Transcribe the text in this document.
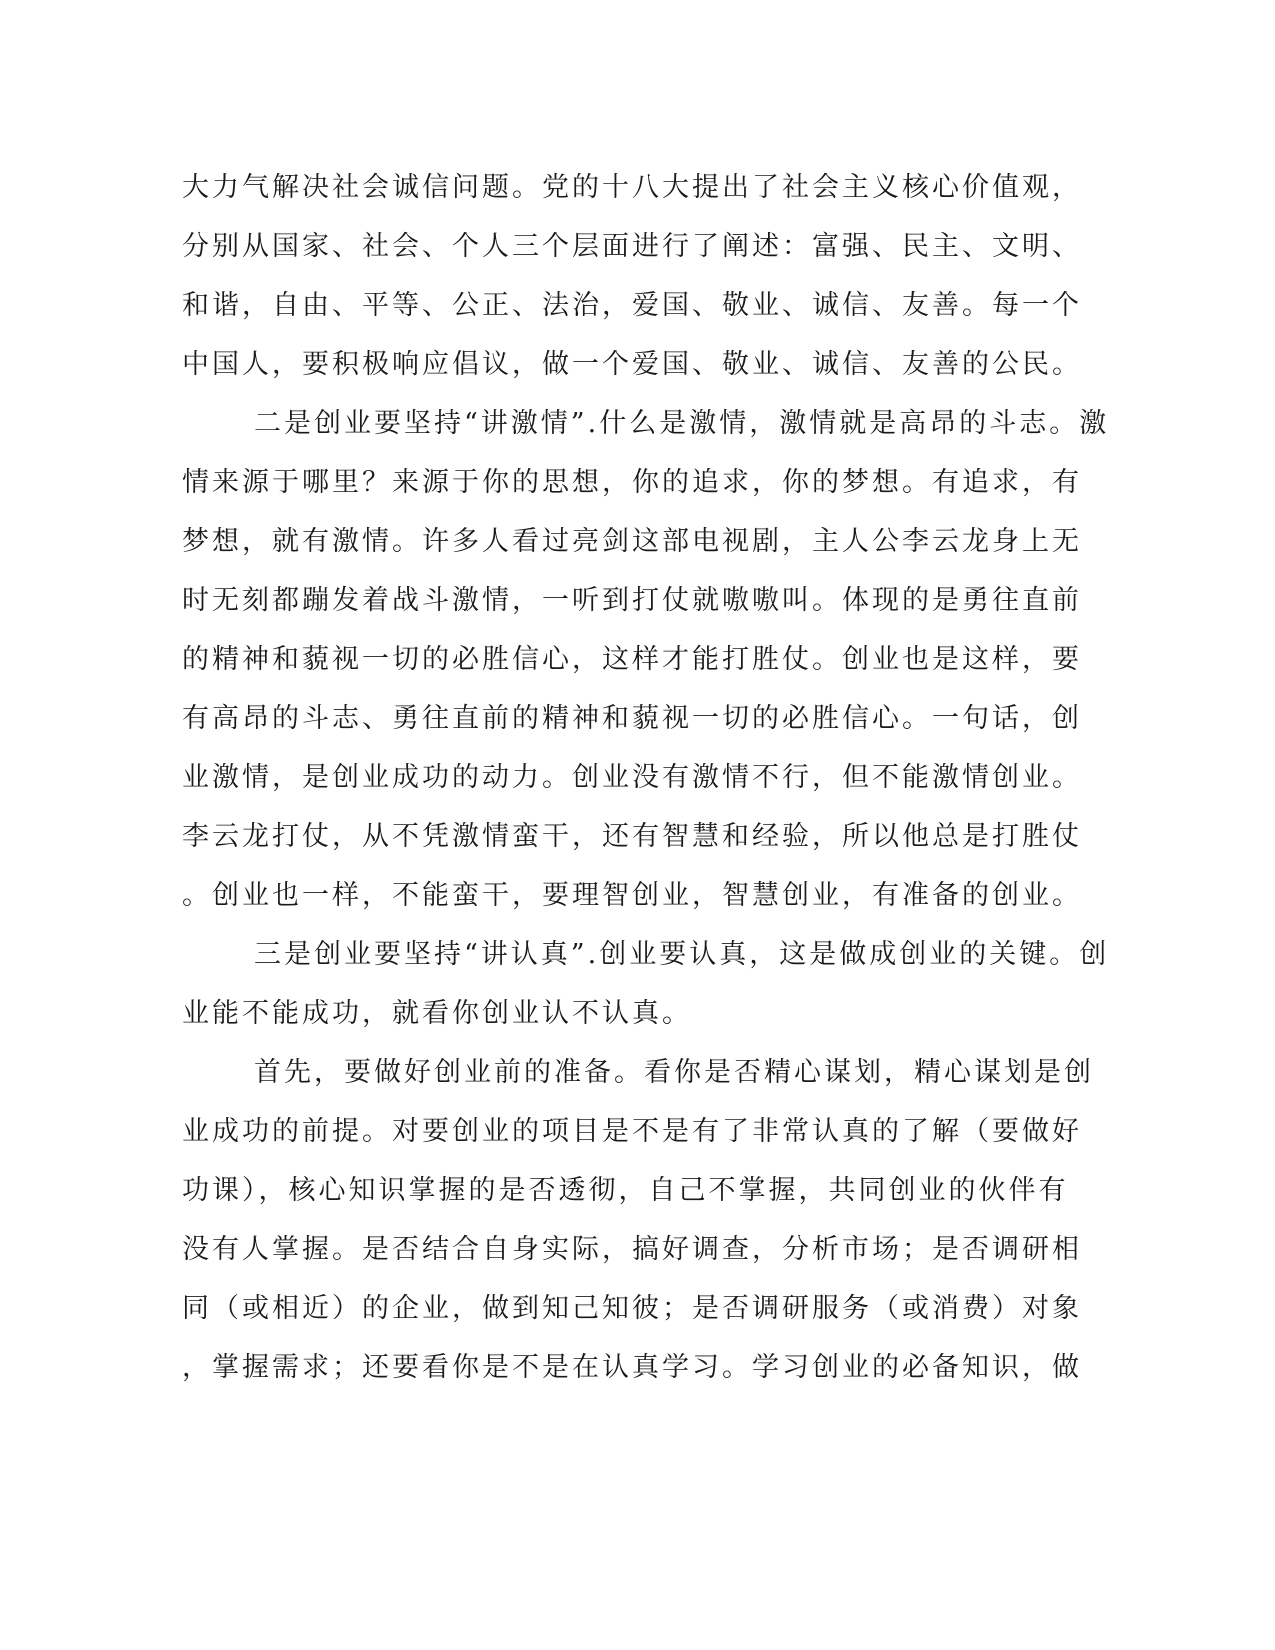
大力气解决社会诚信问题。党的十八大提出了社会主义核心价值观，
分别从国家、社会、个人三个层面进行了阐述：富强、民主、文明、
和谐，自由、平等、公正、法治，爱国、敬业、诚信、友善。每一个
中国人，要积极响应倡议，做一个爱国、敬业、诚信、友善的公民。
二是创业要坚持“讲激情”.什么是激情，激情就是高昂的斗志。激
情来源于哪里？来源于你的思想，你的追求，你的梦想。有追求，有
梦想，就有激情。许多人看过亮剑这部电视剧，主人公李云龙身上无
时无刻都蹦发着战斗激情，一听到打仗就嗷嗷叫。体现的是勇往直前
的精神和藐视一切的必胜信心，这样才能打胜仗。创业也是这样，要
有高昂的斗志、勇往直前的精神和藐视一切的必胜信心。一句话，创
业激情，是创业成功的动力。创业没有激情不行，但不能激情创业。
李云龙打仗，从不凭激情蛮干，还有智慧和经验，所以他总是打胜仗
。创业也一样，不能蛮干，要理智创业，智慧创业，有准备的创业。
三是创业要坚持“讲认真”.创业要认真，这是做成创业的关键。创
业能不能成功，就看你创业认不认真。
首先，要做好创业前的准备。看你是否精心谋划，精心谋划是创
业成功的前提。对要创业的项目是不是有了非常认真的了解（要做好
功课），核心知识掌握的是否透彻，自己不掌握，共同创业的伙伴有
没有人掌握。是否结合自身实际，搞好调查，分析市场；是否调研相
同（或相近）的企业，做到知己知彼；是否调研服务（或消费）对象
，掌握需求；还要看你是不是在认真学习。学习创业的必备知识，做
